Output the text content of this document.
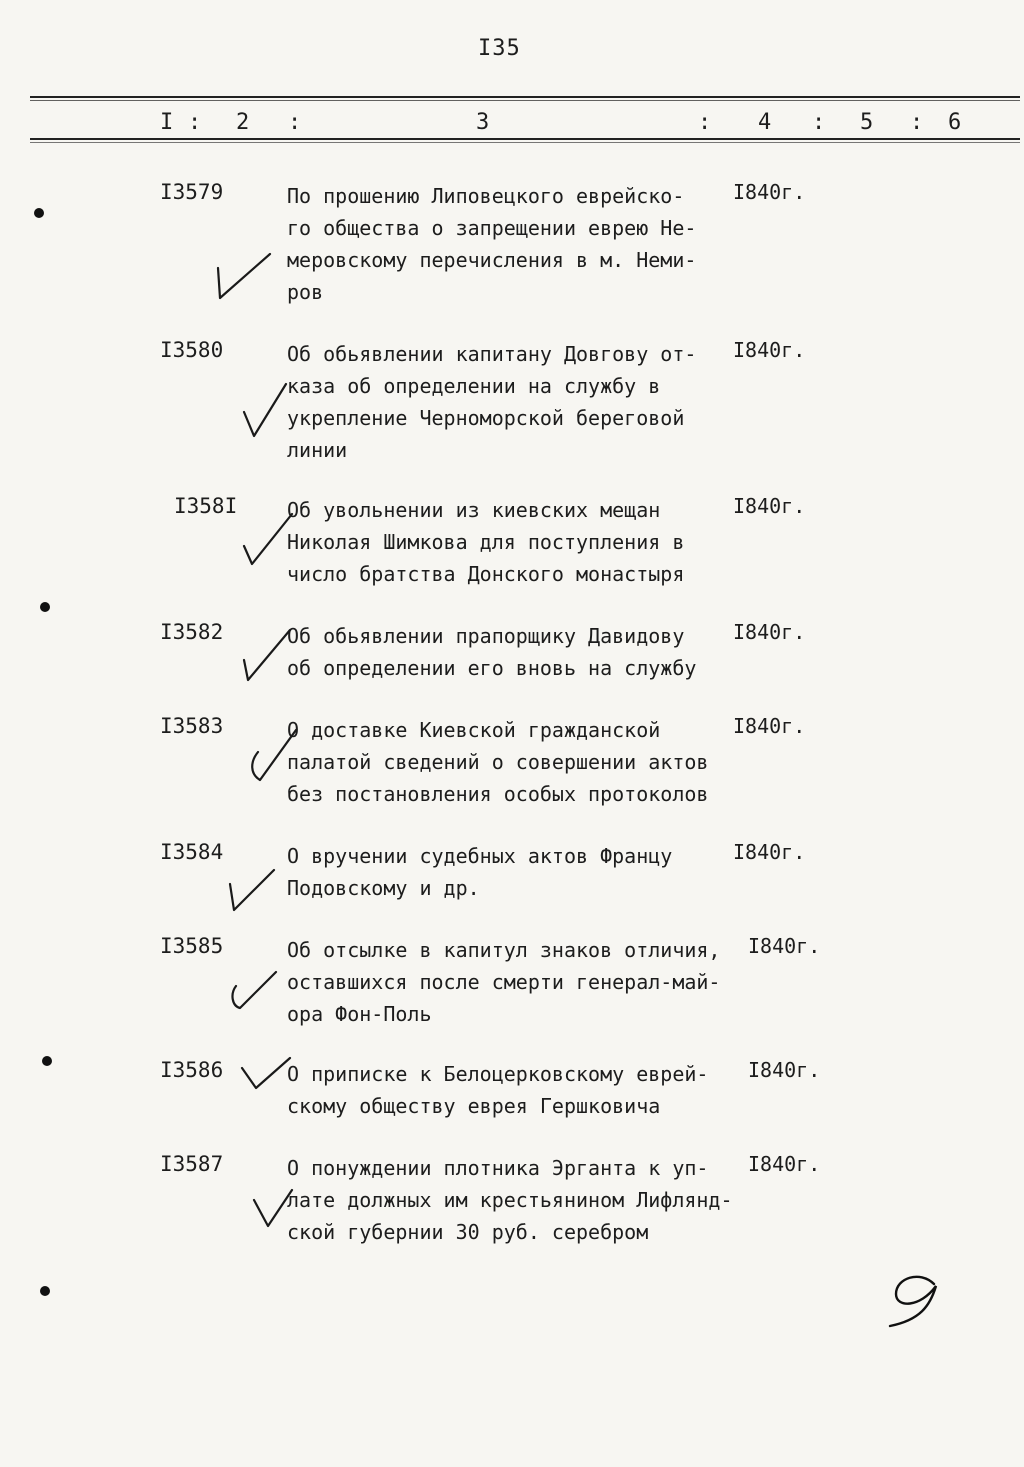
I35
I : 2 :	3	: 4 : 5 : 6
I3579	По прошению Липовецкого еврейско-
го общества о запрещении еврею Не-
меровскому перечисления в м. Неми-
ров
I840г.
I3580	Об обьявлении капитану Довгову от-
каза об определении на службу в
укрепление Черноморской береговой
линии
I840г.
I358I Об увольнении из киевских мещан
Николая Шимкова для поступления в
число братства Донского монастыря
I840г.
I3582	Об обьявлении прапорщику Давидову
об определении его вновь на службу
I840г.
I3583	О доставке Киевской гражданской
палатой сведений о совершении актов
без постановления особых протоколов
I840г.
I3584	О вручении судебных актов Францу
Подовскому и др.
I840г.
I3585	Об отсылке в капитул знаков отличия,
оставшихся после смерти генерал-май-
ора Фон-Поль
I840г.
I3586	О приписке к Белоцерковскому еврей-
скому обществу еврея Гершковича
I840г.
I3587	О понуждении плотника Эрганта к уп-
лате должных им крестьянином Лифлянд-
ской губернии 30 руб. серебром
I840г.
